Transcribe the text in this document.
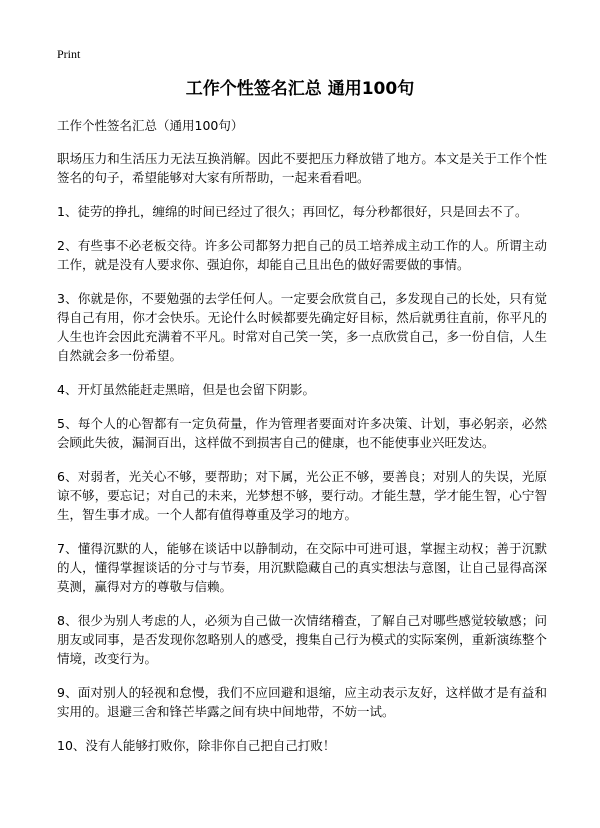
Print
工作个性签名汇总 通用100句

工作个性签名汇总（通用100句）

职场压力和生活压力无法互换消解。因此不要把压力释放错了地方。本文是关于工作个性签名的句子，希望能够对大家有所帮助，一起来看看吧。

1、徒劳的挣扎，缠绵的时间已经过了很久；再回忆，每分秒都很好，只是回去不了。

2、有些事不必老板交待。许多公司都努力把自己的员工培养成主动工作的人。所谓主动工作，就是没有人要求你、强迫你，却能自己且出色的做好需要做的事情。

3、你就是你，不要勉强的去学任何人。一定要会欣赏自己，多发现自己的长处，只有觉得自己有用，你才会快乐。无论什么时候都要先确定好目标，然后就勇往直前，你平凡的人生也许会因此充满着不平凡。时常对自己笑一笑，多一点欣赏自己，多一份自信，人生自然就会多一份希望。

4、开灯虽然能赶走黑暗，但是也会留下阴影。

5、每个人的心智都有一定负荷量，作为管理者要面对许多决策、计划，事必躬亲，必然会顾此失彼，漏洞百出，这样做不到损害自己的健康，也不能使事业兴旺发达。

6、对弱者，光关心不够，要帮助；对下属，光公正不够，要善良；对别人的失误，光原谅不够，要忘记；对自己的未来，光梦想不够，要行动。才能生慧，学才能生智，心宁智生，智生事才成。一个人都有值得尊重及学习的地方。

7、懂得沉默的人，能够在谈话中以静制动，在交际中可进可退，掌握主动权；善于沉默的人，懂得掌握谈话的分寸与节奏，用沉默隐藏自己的真实想法与意图，让自己显得高深莫测，赢得对方的尊敬与信赖。

8、很少为别人考虑的人，必须为自己做一次情绪稽查，了解自己对哪些感觉较敏感；问朋友或同事，是否发现你忽略别人的感受，搜集自己行为模式的实际案例，重新演练整个情境，改变行为。

9、面对别人的轻视和怠慢，我们不应回避和退缩，应主动表示友好，这样做才是有益和实用的。退避三舍和锋芒毕露之间有块中间地带，不妨一试。

10、没有人能够打败你，除非你自己把自己打败！
